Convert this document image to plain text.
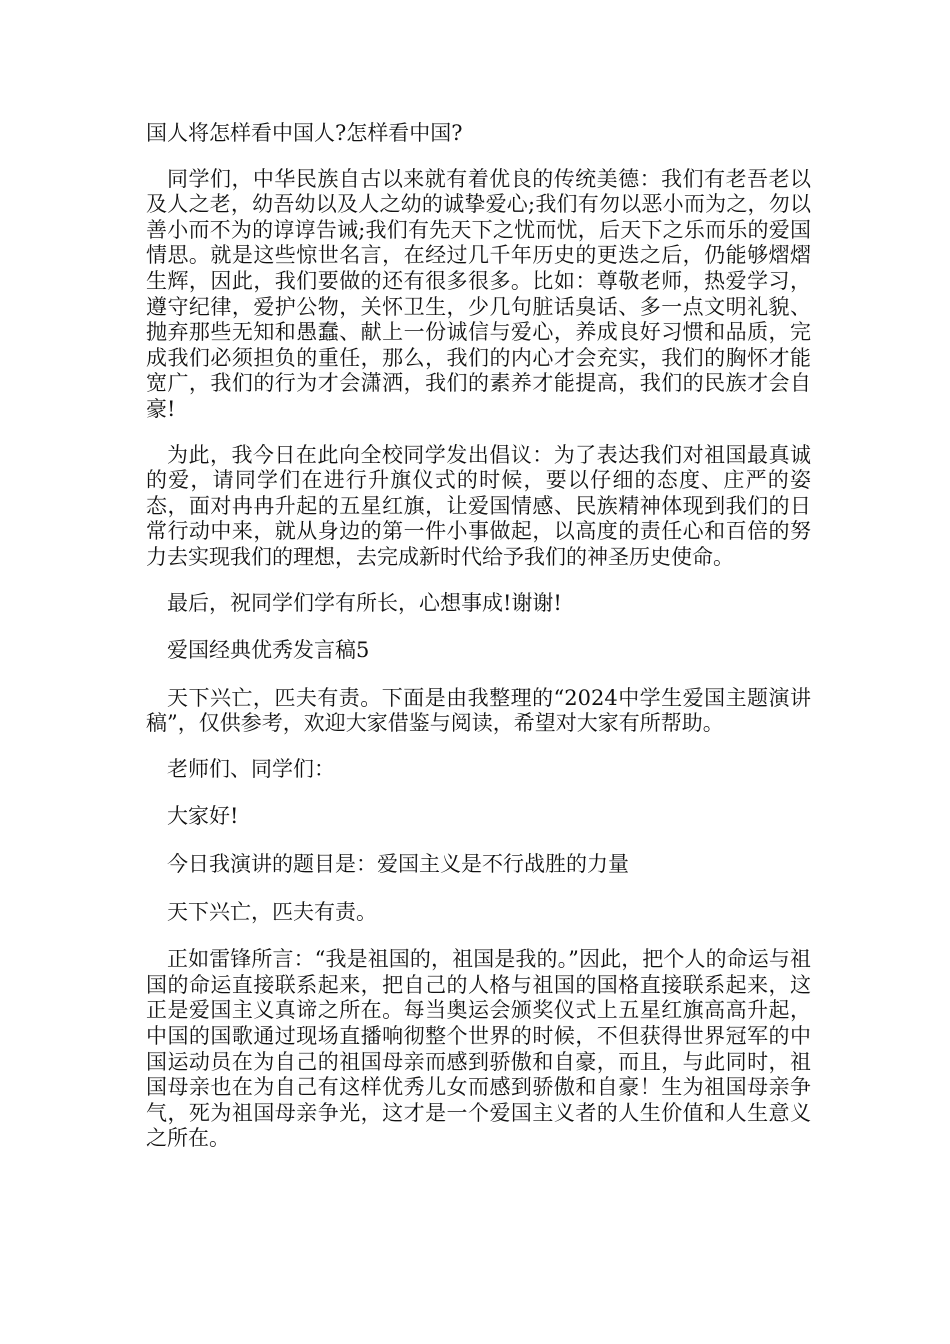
国人将怎样看中国人?怎样看中国?

同学们，中华民族自古以来就有着优良的传统美德：我们有老吾老以及人之老，幼吾幼以及人之幼的诚挚爱心;我们有勿以恶小而为之，勿以善小而不为的谆谆告诫;我们有先天下之忧而忧，后天下之乐而乐的爱国情思。就是这些惊世名言，在经过几千年历史的更迭之后，仍能够熠熠生辉，因此，我们要做的还有很多很多。比如：尊敬老师，热爱学习，遵守纪律，爱护公物，关怀卫生，少几句脏话臭话、多一点文明礼貌、抛弃那些无知和愚蠢、献上一份诚信与爱心，养成良好习惯和品质，完成我们必须担负的重任，那么，我们的内心才会充实，我们的胸怀才能宽广，我们的行为才会潇洒，我们的素养才能提高，我们的民族才会自豪!

为此，我今日在此向全校同学发出倡议：为了表达我们对祖国最真诚的爱，请同学们在进行升旗仪式的时候，要以仔细的态度、庄严的姿态，面对冉冉升起的五星红旗，让爱国情感、民族精神体现到我们的日常行动中来，就从身边的第一件小事做起，以高度的责任心和百倍的努力去实现我们的理想，去完成新时代给予我们的神圣历史使命。

最后，祝同学们学有所长，心想事成!谢谢!

爱国经典优秀发言稿5

天下兴亡，匹夫有责。下面是由我整理的“2024中学生爱国主题演讲稿”，仅供参考，欢迎大家借鉴与阅读，希望对大家有所帮助。

老师们、同学们：

大家好!

今日我演讲的题目是：爱国主义是不行战胜的力量

天下兴亡，匹夫有责。

正如雷锋所言：“我是祖国的，祖国是我的。”因此，把个人的命运与祖国的命运直接联系起来，把自己的人格与祖国的国格直接联系起来，这正是爱国主义真谛之所在。每当奥运会颁奖仪式上五星红旗高高升起，中国的国歌通过现场直播响彻整个世界的时候，不但获得世界冠军的中国运动员在为自己的祖国母亲而感到骄傲和自豪，而且，与此同时，祖国母亲也在为自己有这样优秀儿女而感到骄傲和自豪！生为祖国母亲争气，死为祖国母亲争光，这才是一个爱国主义者的人生价值和人生意义之所在。
